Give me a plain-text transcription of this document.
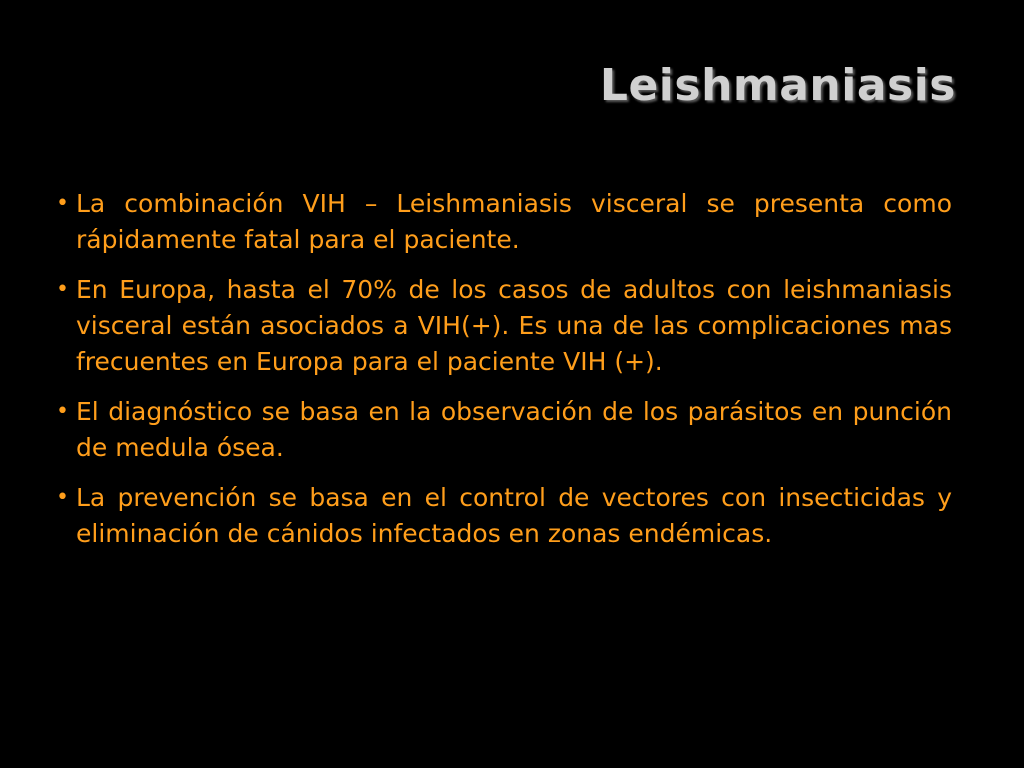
Leishmaniasis
• La combinación VIH – Leishmaniasis visceral se presenta como rápidamente fatal para el paciente.
• En Europa, hasta el 70% de los casos de adultos con leishmaniasis visceral están asociados a VIH(+). Es una de las complicaciones mas frecuentes en Europa para el paciente VIH (+).
• El diagnóstico se basa en la observación de los parásitos en punción de medula ósea.
• La prevención se basa en el control de vectores con insecticidas y eliminación de cánidos infectados en zonas endémicas.
